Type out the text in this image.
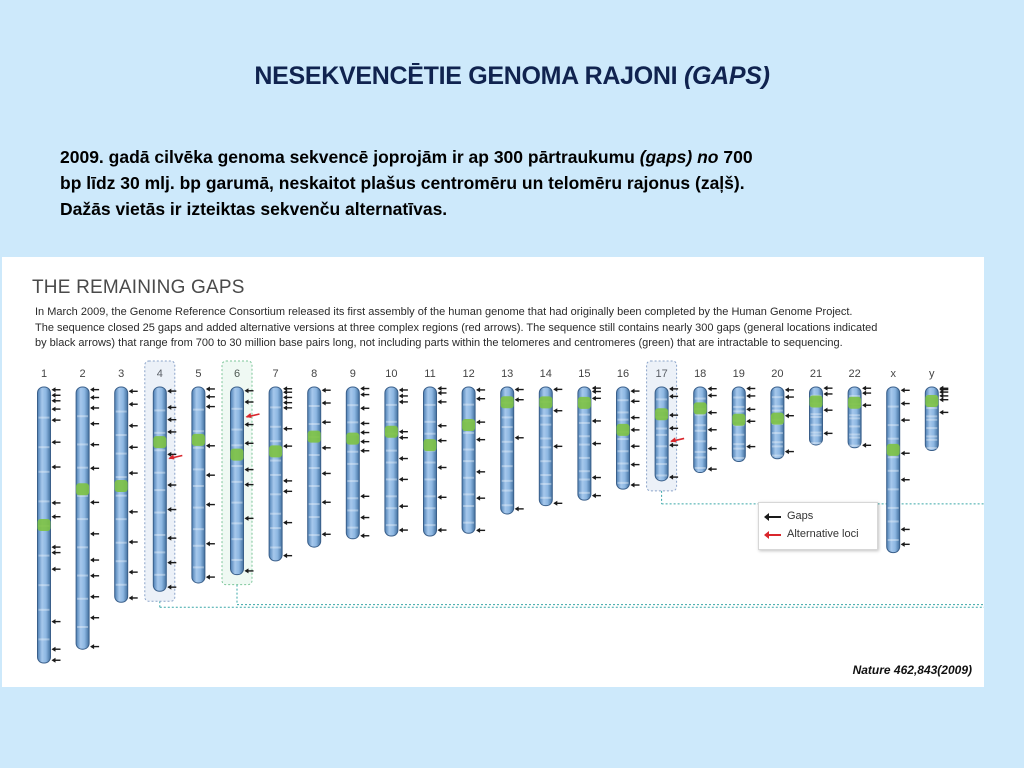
NESEKVENCĒTIE GENOMA RAJONI (GAPS)
2009. gadā cilvēka genoma sekvencē joprojām ir ap 300 pārtraukumu (gaps) no 700
bp līdz 30 mlj. bp garumā, neskaitot plašus centromēru un telomēru rajonus (zaļš).
Dažās vietās ir izteiktas sekvenču alternatīvas.
THE REMAINING GAPS
In March 2009, the Genome Reference Consortium released its first assembly of the human genome that had originally been completed by the Human Genome Project.
The sequence closed 25 gaps and added alternative versions at three complex regions (red arrows). The sequence still contains nearly 300 gaps (general locations indicated
by black arrows) that range from 700 to 30 million base pairs long, not including parts within the telomeres and centromeres (green) that are intractable to sequencing.
1	2	3	5	7	8	9	10 11 12 13 14 15 16	18 19 20 21 22	x	y
Gaps
Alternative loci
Nature 462,843(2009)
